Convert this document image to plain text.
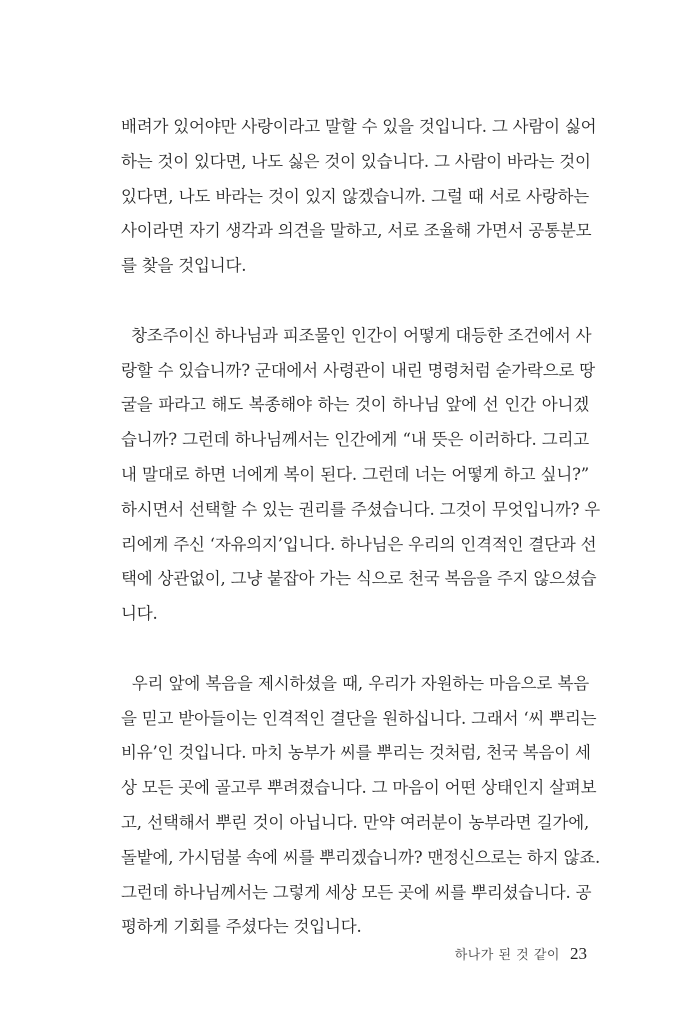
배려가 있어야만 사랑이라고 말할 수 있을 것입니다. 그 사람이 싫어
하는 것이 있다면, 나도 싫은 것이 있습니다. 그 사람이 바라는 것이
있다면, 나도 바라는 것이 있지 않겠습니까. 그럴 때 서로 사랑하는
사이라면 자기 생각과 의견을 말하고, 서로 조율해 가면서 공통분모
를 찾을 것입니다.
창조주이신 하나님과 피조물인 인간이 어떻게 대등한 조건에서 사
랑할 수 있습니까? 군대에서 사령관이 내린 명령처럼 숟가락으로 땅
굴을 파라고 해도 복종해야 하는 것이 하나님 앞에 선 인간 아니겠
습니까? 그런데 하나님께서는 인간에게 “내 뜻은 이러하다. 그리고
내 말대로 하면 너에게 복이 된다. 그런데 너는 어떻게 하고 싶니?”
하시면서 선택할 수 있는 권리를 주셨습니다. 그것이 무엇입니까? 우
리에게 주신 ‘자유의지’입니다. 하나님은 우리의 인격적인 결단과 선
택에 상관없이, 그냥 붙잡아 가는 식으로 천국 복음을 주지 않으셨습
니다.
우리 앞에 복음을 제시하셨을 때, 우리가 자원하는 마음으로 복음
을 믿고 받아들이는 인격적인 결단을 원하십니다. 그래서 ‘씨 뿌리는
비유’인 것입니다. 마치 농부가 씨를 뿌리는 것처럼, 천국 복음이 세
상 모든 곳에 골고루 뿌려졌습니다. 그 마음이 어떤 상태인지 살펴보
고, 선택해서 뿌린 것이 아닙니다. 만약 여러분이 농부라면 길가에,
돌밭에, 가시덤불 속에 씨를 뿌리겠습니까? 맨정신으로는 하지 않죠.
그런데 하나님께서는 그렇게 세상 모든 곳에 씨를 뿌리셨습니다. 공
평하게 기회를 주셨다는 것입니다.
하나가 된 것 같이 23
